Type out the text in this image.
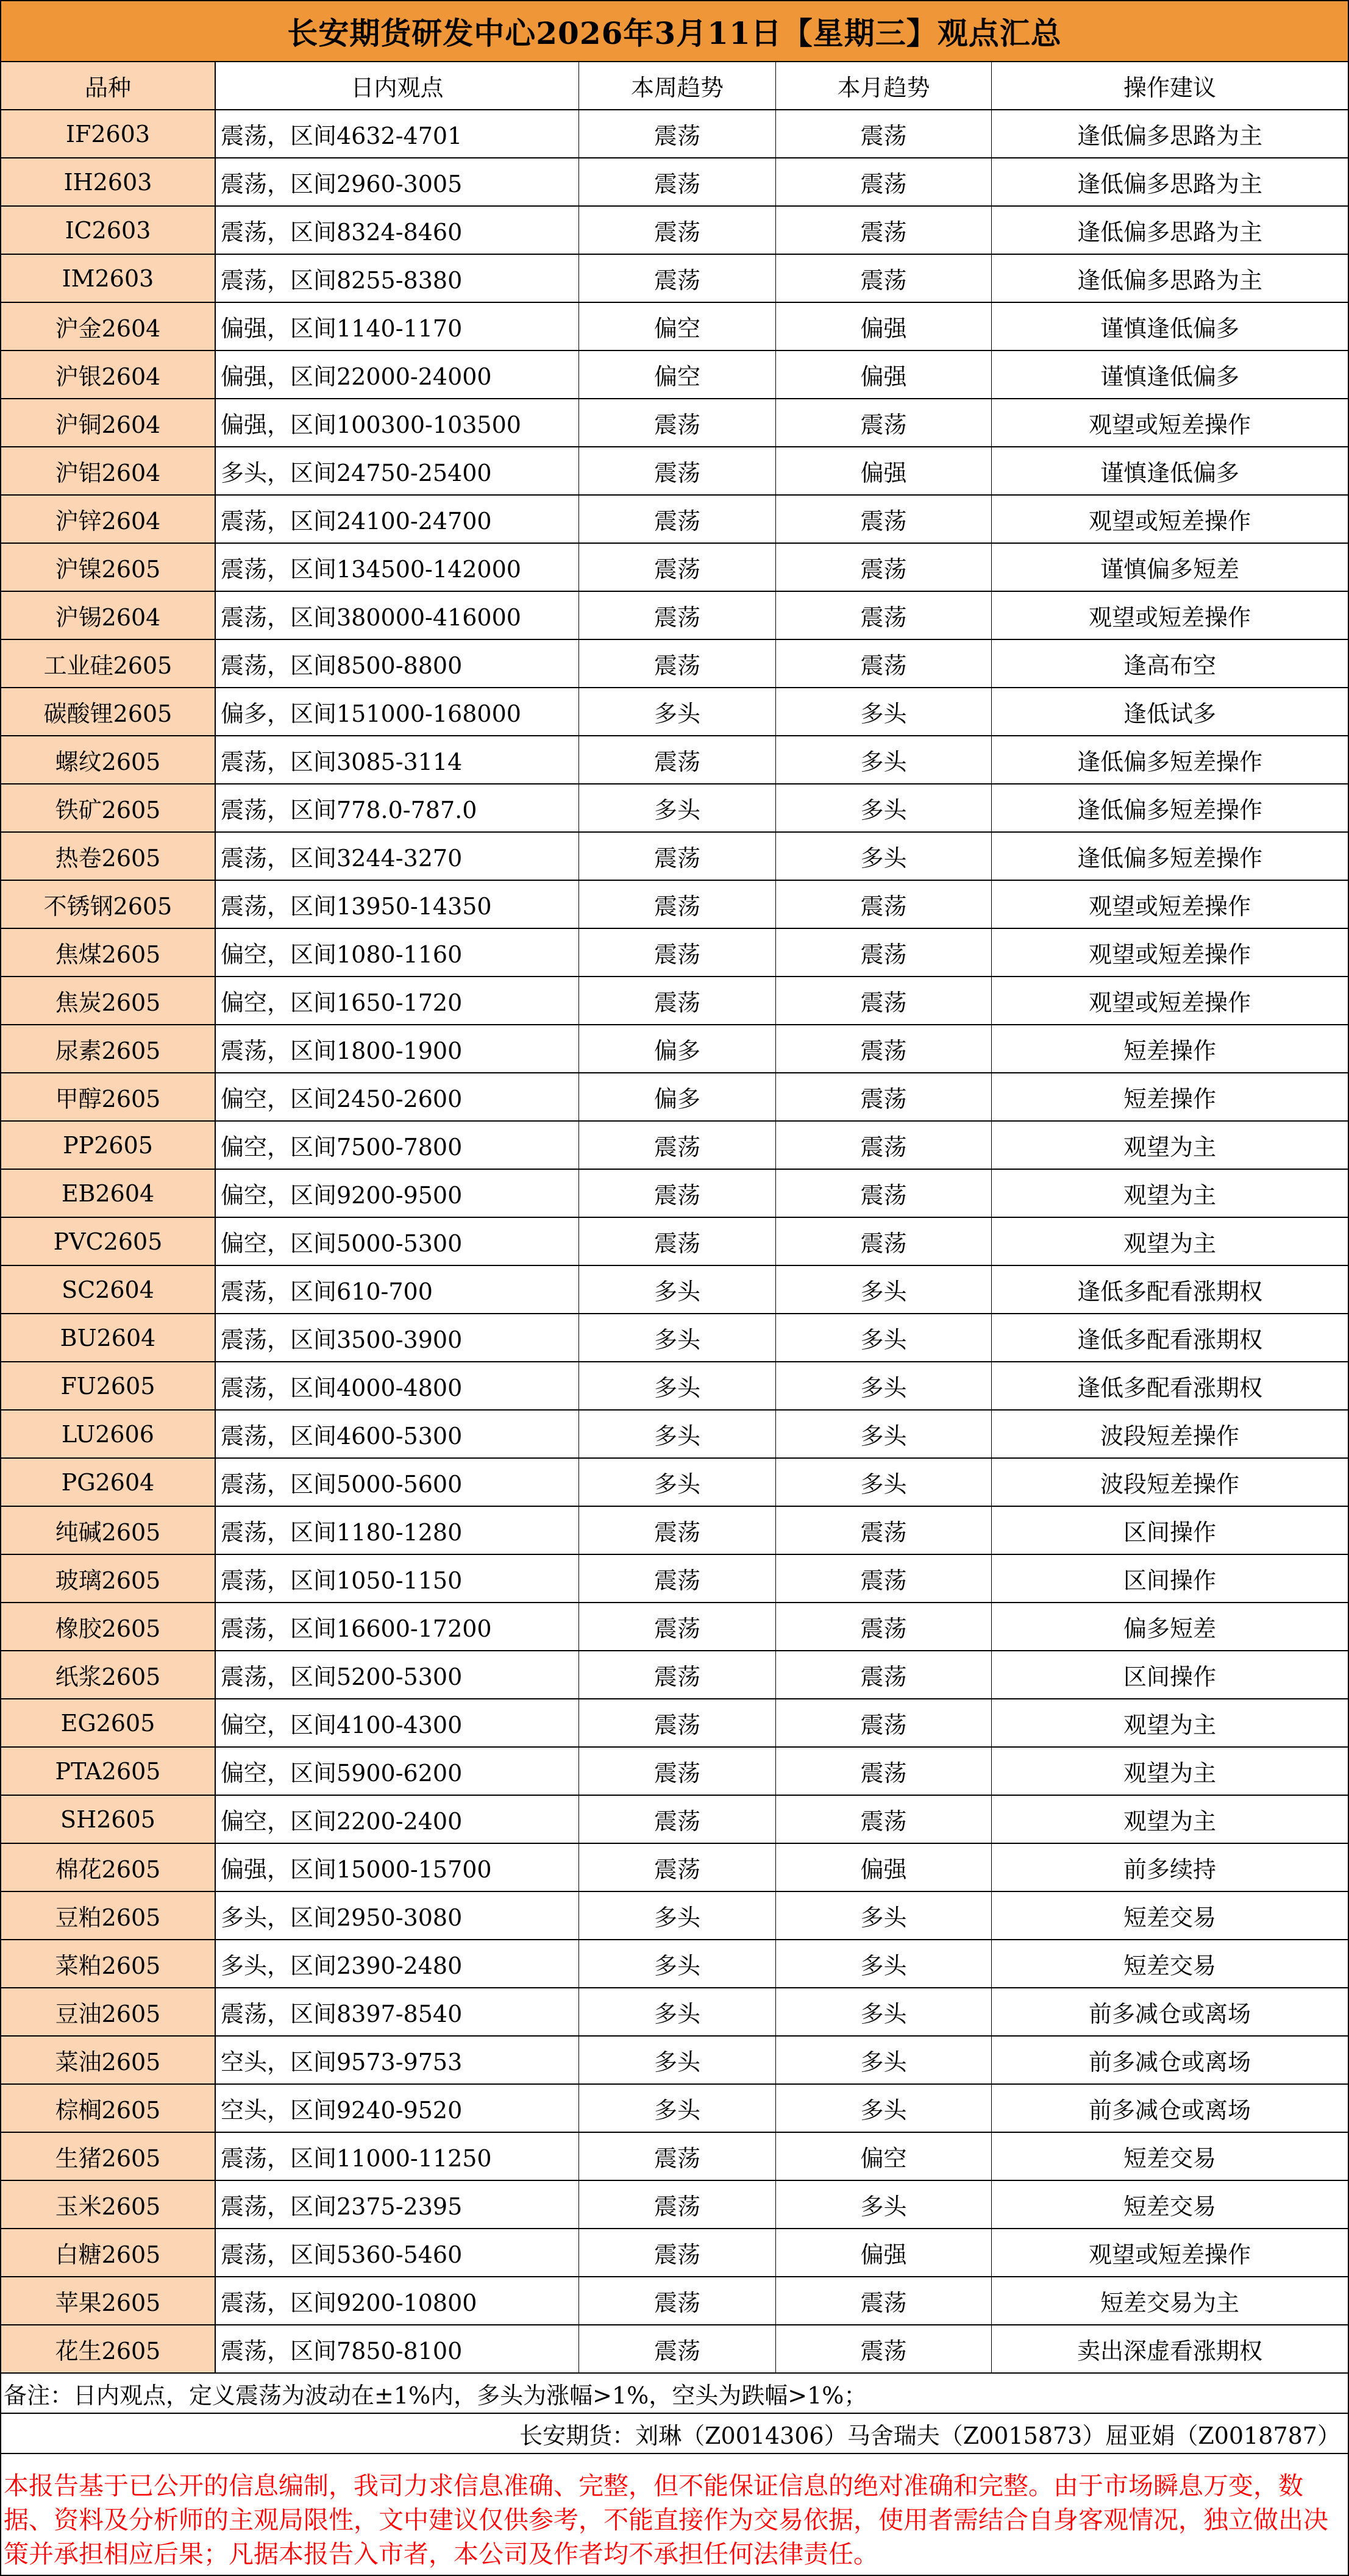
长安期货研发中心2026年3月11日【星期三】观点汇总
品种	日内观点	本周趋势	本月趋势	操作建议
IF2603	震荡，区间4632-4701	震荡	震荡	逢低偏多思路为主
IH2603	震荡，区间2960-3005	震荡	震荡	逢低偏多思路为主
IC2603	震荡，区间8324-8460	震荡	震荡	逢低偏多思路为主
IM2603	震荡，区间8255-8380	震荡	震荡	逢低偏多思路为主
沪金2604	偏强，区间1140-1170	偏空	偏强	谨慎逢低偏多
沪银2604	偏强，区间22000-24000	偏空	偏强	谨慎逢低偏多
沪铜2604	偏强，区间100300-103500	震荡	震荡	观望或短差操作
沪铝2604	多头，区间24750-25400	震荡	偏强	谨慎逢低偏多
沪锌2604	震荡，区间24100-24700	震荡	震荡	观望或短差操作
沪镍2605	震荡，区间134500-142000	震荡	震荡	谨慎偏多短差
沪锡2604	震荡，区间380000-416000	震荡	震荡	观望或短差操作
工业硅2605	震荡，区间8500-8800	震荡	震荡	逢高布空
碳酸锂2605	偏多，区间151000-168000	多头	多头	逢低试多
螺纹2605	震荡，区间3085-3114	震荡	多头	逢低偏多短差操作
铁矿2605	震荡，区间778.0-787.0	多头	多头	逢低偏多短差操作
热卷2605	震荡，区间3244-3270	震荡	多头	逢低偏多短差操作
不锈钢2605	震荡，区间13950-14350	震荡	震荡	观望或短差操作
焦煤2605	偏空，区间1080-1160	震荡	震荡	观望或短差操作
焦炭2605	偏空，区间1650-1720	震荡	震荡	观望或短差操作
尿素2605	震荡，区间1800-1900	偏多	震荡	短差操作
甲醇2605	偏空，区间2450-2600	偏多	震荡	短差操作
PP2605	偏空，区间7500-7800	震荡	震荡	观望为主
EB2604	偏空，区间9200-9500	震荡	震荡	观望为主
PVC2605	偏空，区间5000-5300	震荡	震荡	观望为主
SC2604	震荡，区间610-700	多头	多头	逢低多配看涨期权
BU2604	震荡，区间3500-3900	多头	多头	逢低多配看涨期权
FU2605	震荡，区间4000-4800	多头	多头	逢低多配看涨期权
LU2606	震荡，区间4600-5300	多头	多头	波段短差操作
PG2604	震荡，区间5000-5600	多头	多头	波段短差操作
纯碱2605	震荡，区间1180-1280	震荡	震荡	区间操作
玻璃2605	震荡，区间1050-1150	震荡	震荡	区间操作
橡胶2605	震荡，区间16600-17200	震荡	震荡	偏多短差
纸浆2605	震荡，区间5200-5300	震荡	震荡	区间操作
EG2605	偏空，区间4100-4300	震荡	震荡	观望为主
PTA2605	偏空，区间5900-6200	震荡	震荡	观望为主
SH2605	偏空，区间2200-2400	震荡	震荡	观望为主
棉花2605	偏强，区间15000-15700	震荡	偏强	前多续持
豆粕2605	多头，区间2950-3080	多头	多头	短差交易
菜粕2605	多头，区间2390-2480	多头	多头	短差交易
豆油2605	震荡，区间8397-8540	多头	多头	前多减仓或离场
菜油2605	空头，区间9573-9753	多头	多头	前多减仓或离场
棕榈2605	空头，区间9240-9520	多头	多头	前多减仓或离场
生猪2605	震荡，区间11000-11250	震荡	偏空	短差交易
玉米2605	震荡，区间2375-2395	震荡	多头	短差交易
白糖2605	震荡，区间5360-5460	震荡	偏强	观望或短差操作
苹果2605	震荡，区间9200-10800	震荡	震荡	短差交易为主
花生2605	震荡，区间7850-8100	震荡	震荡	卖出深虚看涨期权
备注：日内观点，定义震荡为波动在±1%内，多头为涨幅>1%，空头为跌幅>1%；
长安期货：刘琳（Z0014306）马舍瑞夫（Z0015873）屈亚娟（Z0018787）
本报告基于已公开的信息编制，我司力求信息准确、完整，但不能保证信息的绝对准确和完整。由于市场瞬息万变，数据、资料及分析师的主观局限性，文中建议仅供参考，不能直接作为交易依据，使用者需结合自身客观情况，独立做出决策并承担相应后果；凡据本报告入市者，本公司及作者均不承担任何法律责任。
